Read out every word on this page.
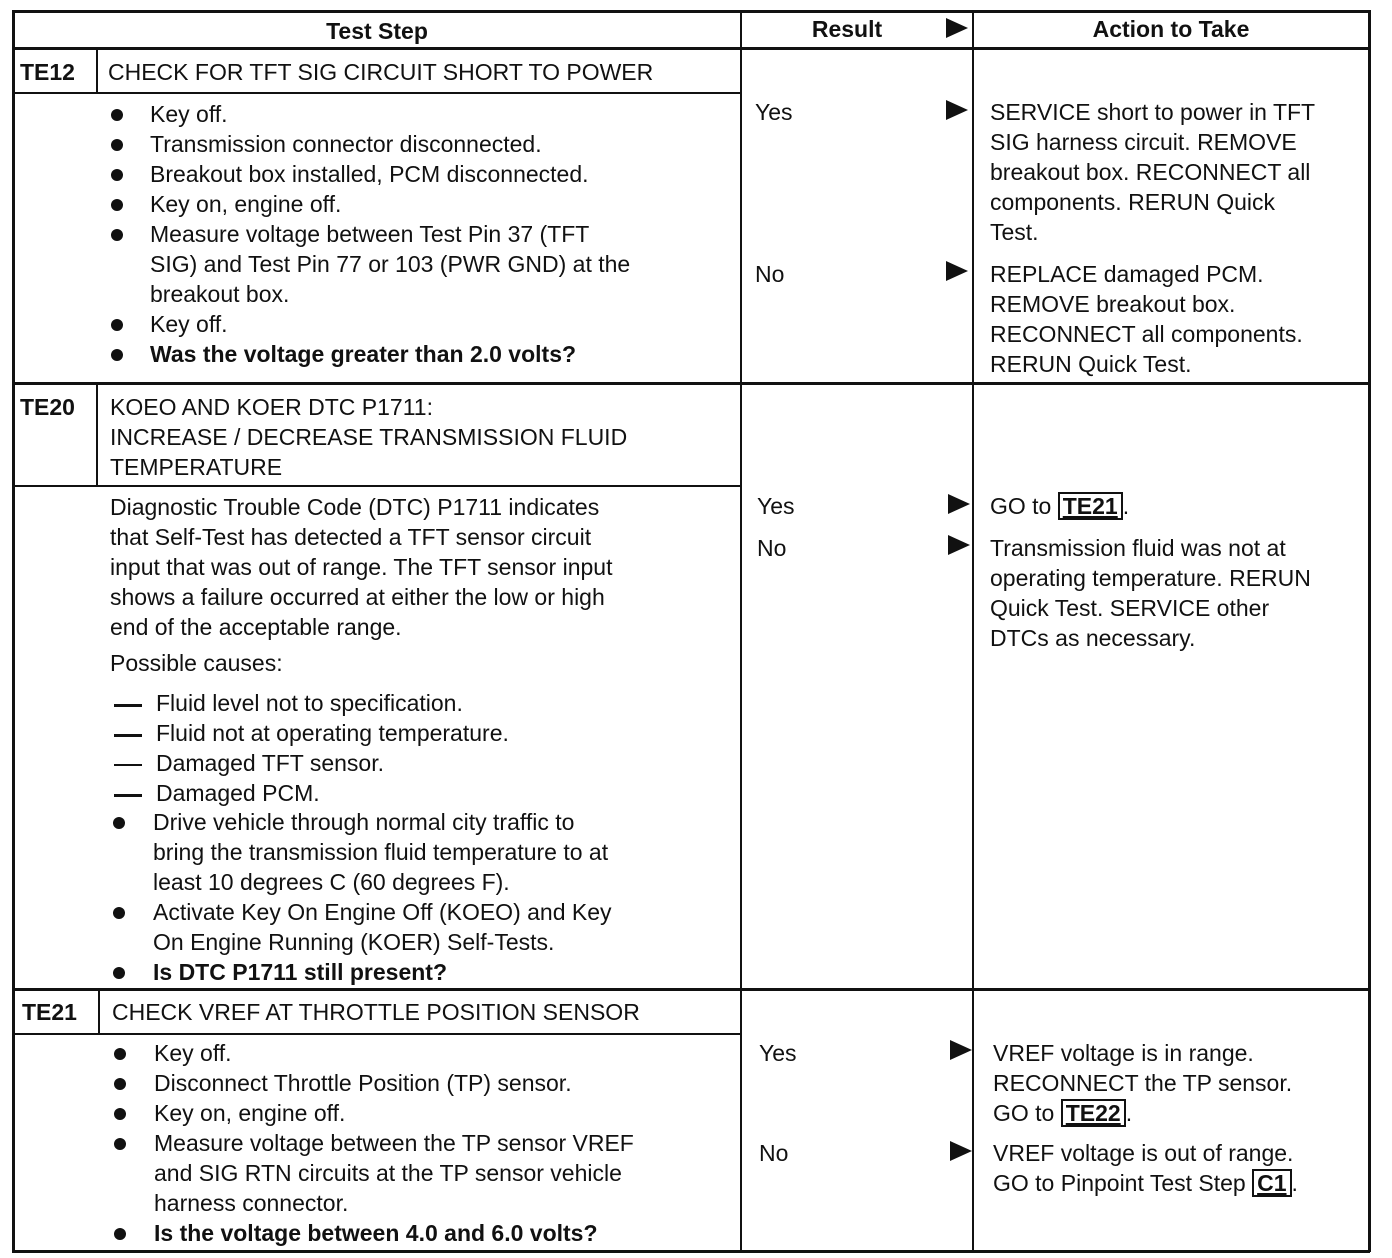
Test Step	Result	Action to Take
TE12 CHECK FOR TFT SIG CIRCUIT SHORT TO POWER
Key off.
Transmission connector disconnected.
Breakout box installed, PCM disconnected.
Key on, engine off.
Measure voltage between Test Pin 37 (TFT
SIG) and Test Pin 77 or 103 (PWR GND) at the
breakout box.
Key off.
Was the voltage greater than 2.0 volts?
Yes
No
SERVICE short to power in TFT
SIG harness circuit. REMOVE
breakout box. RECONNECT all
components. RERUN Quick
Test.
REPLACE damaged PCM.
REMOVE breakout box.
RECONNECT all components.
RERUN Quick Test.
TE20 KOEO AND KOER DTC P1711:
INCREASE / DECREASE TRANSMISSION FLUID
TEMPERATURE
Diagnostic Trouble Code (DTC) P1711 indicates
that Self-Test has detected a TFT sensor circuit
input that was out of range. The TFT sensor input
shows a failure occurred at either the low or high
end of the acceptable range.
Possible causes:
Fluid level not to specification.
Fluid not at operating temperature.
Damaged TFT sensor.
Damaged PCM.
Drive vehicle through normal city traffic to
bring the transmission fluid temperature to at
least 10 degrees C (60 degrees F).
Activate Key On Engine Off (KOEO) and Key
On Engine Running (KOER) Self-Tests.
Is DTC P1711 still present?
Yes
No
GO to TE21 .
Transmission fluid was not at
operating temperature. RERUN
Quick Test. SERVICE other
DTCs as necessary.
TE21 CHECK VREF AT THROTTLE POSITION SENSOR
Key off.
Disconnect Throttle Position (TP) sensor.
Key on, engine off.
Measure voltage between the TP sensor VREF
and SIG RTN circuits at the TP sensor vehicle
harness connector.
Is the voltage between 4.0 and 6.0 volts?
Yes
No
VREF voltage is in range.
RECONNECT the TP sensor.
GO to TE22 .
VREF voltage is out of range.
GO to Pinpoint Test Step C1 .
